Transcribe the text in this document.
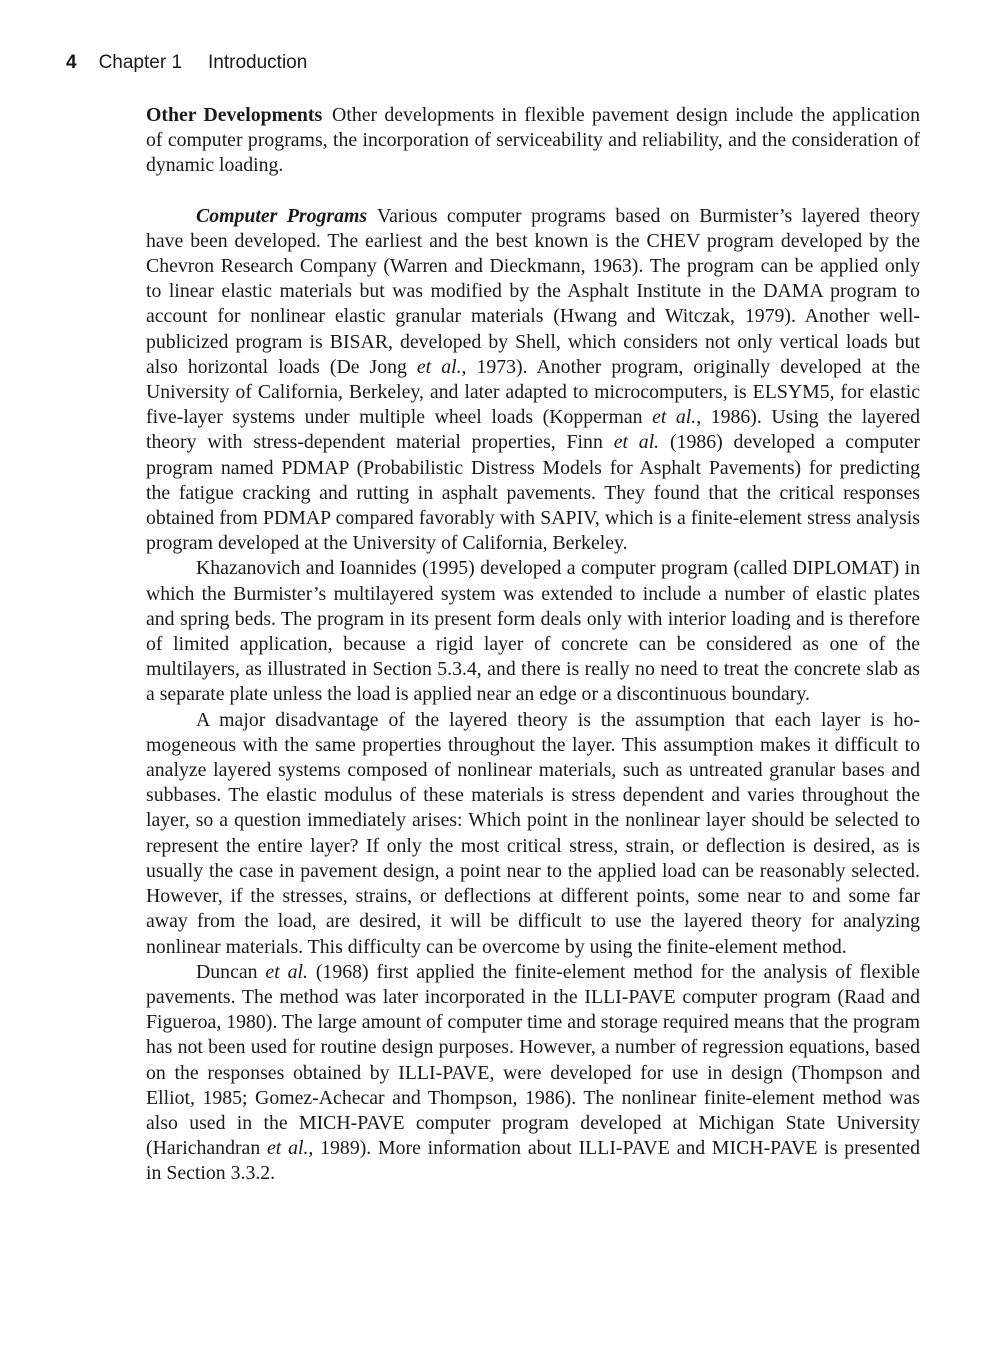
4 Chapter 1 Introduction

Other Developments  Other developments in flexible pavement design include the application of computer programs, the incorporation of serviceability and reliability, and the consideration of dynamic loading.

Computer Programs  Various computer programs based on Burmister’s layered theory have been developed. The earliest and the best known is the CHEV program developed by the Chevron Research Company (Warren and Dieckmann, 1963). The program can be applied only to linear elastic materials but was modified by the Asphalt Institute in the DAMA program to account for nonlinear elastic granular materials (Hwang and Witczak, 1979). Another well-publicized program is BISAR, developed by Shell, which considers not only vertical loads but also horizontal loads (De Jong et al., 1973). Another program, originally developed at the University of California, Berkeley, and later adapted to microcomputers, is ELSYM5, for elastic five-layer systems under multiple wheel loads (Kopperman et al., 1986). Using the layered theory with stress-dependent material properties, Finn et al. (1986) developed a computer program named PDMAP (Probabilistic Distress Models for Asphalt Pavements) for predicting the fatigue cracking and rutting in asphalt pavements. They found that the critical responses obtained from PDMAP compared favorably with SAPIV, which is a finite-element stress analysis program developed at the University of California, Berkeley.

Khazanovich and Ioannides (1995) developed a computer program (called DIPLOMAT) in which the Burmister’s multilayered system was extended to include a number of elastic plates and spring beds. The program in its present form deals only with interior loading and is therefore of limited application, because a rigid layer of concrete can be considered as one of the multilayers, as illustrated in Section 5.3.4, and there is really no need to treat the concrete slab as a separate plate unless the load is applied near an edge or a discontinuous boundary.

A major disadvantage of the layered theory is the assumption that each layer is homogeneous with the same properties throughout the layer. This assumption makes it difficult to analyze layered systems composed of nonlinear materials, such as untreated granular bases and subbases. The elastic modulus of these materials is stress dependent and varies throughout the layer, so a question immediately arises: Which point in the nonlinear layer should be selected to represent the entire layer? If only the most critical stress, strain, or deflection is desired, as is usually the case in pavement design, a point near to the applied load can be reasonably selected. However, if the stresses, strains, or deflections at different points, some near to and some far away from the load, are desired, it will be difficult to use the layered theory for analyzing nonlinear materials. This difficulty can be overcome by using the finite-element method.

Duncan et al. (1968) first applied the finite-element method for the analysis of flexible pavements. The method was later incorporated in the ILLI-PAVE computer program (Raad and Figueroa, 1980). The large amount of computer time and storage required means that the program has not been used for routine design purposes. However, a number of regression equations, based on the responses obtained by ILLI-PAVE, were developed for use in design (Thompson and Elliot, 1985; Gomez-Achecar and Thompson, 1986). The nonlinear finite-element method was also used in the MICH-PAVE computer program developed at Michigan State University (Harichandran et al., 1989). More information about ILLI-PAVE and MICH-PAVE is presented in Section 3.3.2.
